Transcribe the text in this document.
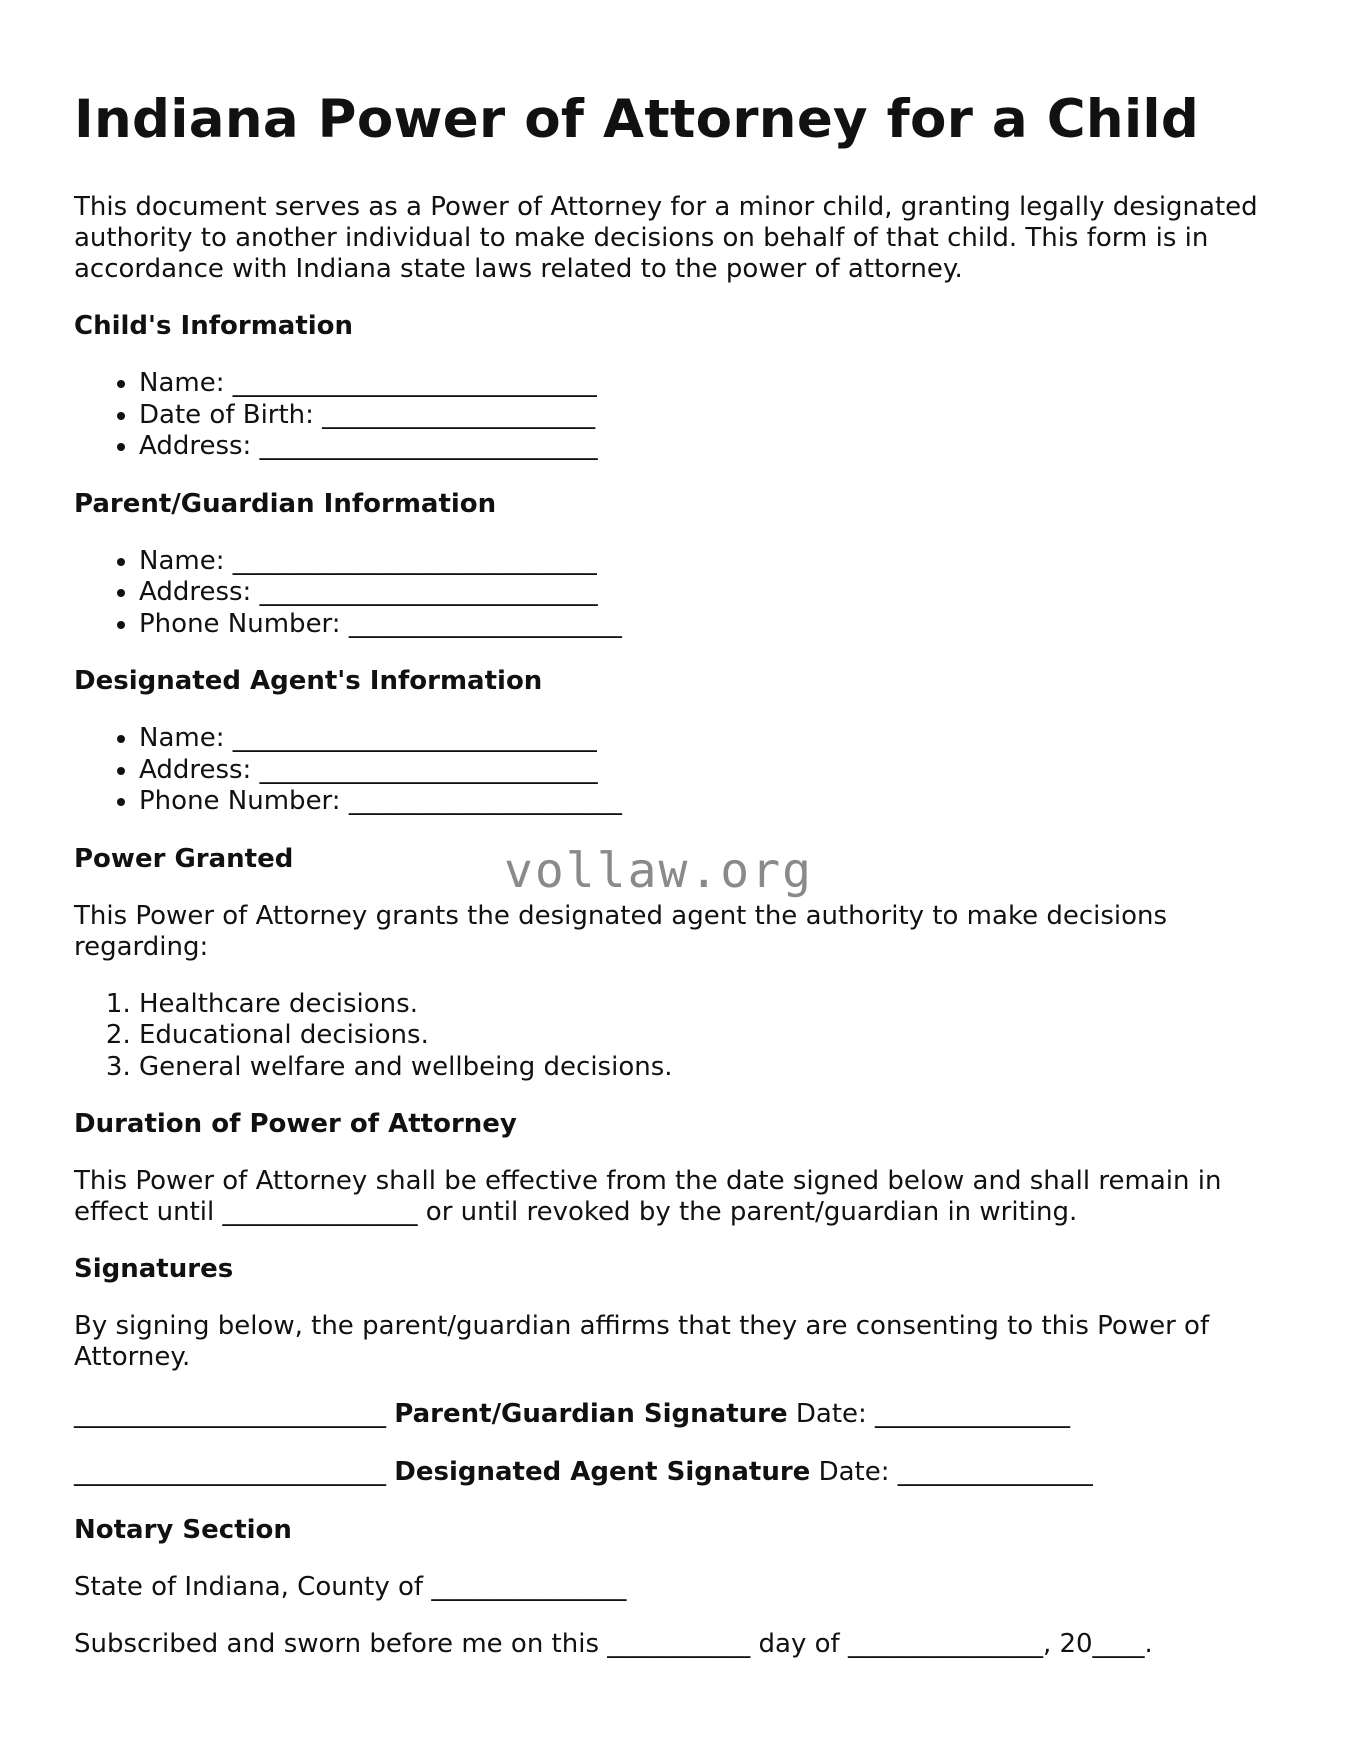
Indiana Power of Attorney for a Child

This document serves as a Power of Attorney for a minor child, granting legally designated authority to another individual to make decisions on behalf of that child. This form is in accordance with Indiana state laws related to the power of attorney.

Child's Information
• Name: ____________________________
• Date of Birth: _____________________
• Address: __________________________
Parent/Guardian Information
• Name: ____________________________
• Address: __________________________
• Phone Number: _____________________
Designated Agent's Information
• Name: ____________________________
• Address: __________________________
• Phone Number: _____________________
Power Granted

This Power of Attorney grants the designated agent the authority to make decisions regarding:

1. Healthcare decisions.
2. Educational decisions.
3. General welfare and wellbeing decisions.
Duration of Power of Attorney

This Power of Attorney shall be effective from the date signed below and shall remain in effect until _______________ or until revoked by the parent/guardian in writing.

Signatures

By signing below, the parent/guardian affirms that they are consenting to this Power of Attorney.

________________________ Parent/Guardian Signature Date: _______________
________________________ Designated Agent Signature Date: _______________
Notary Section

State of Indiana, County of _______________

Subscribed and sworn before me on this ___________ day of _______________, 20____.

vollaw.org
